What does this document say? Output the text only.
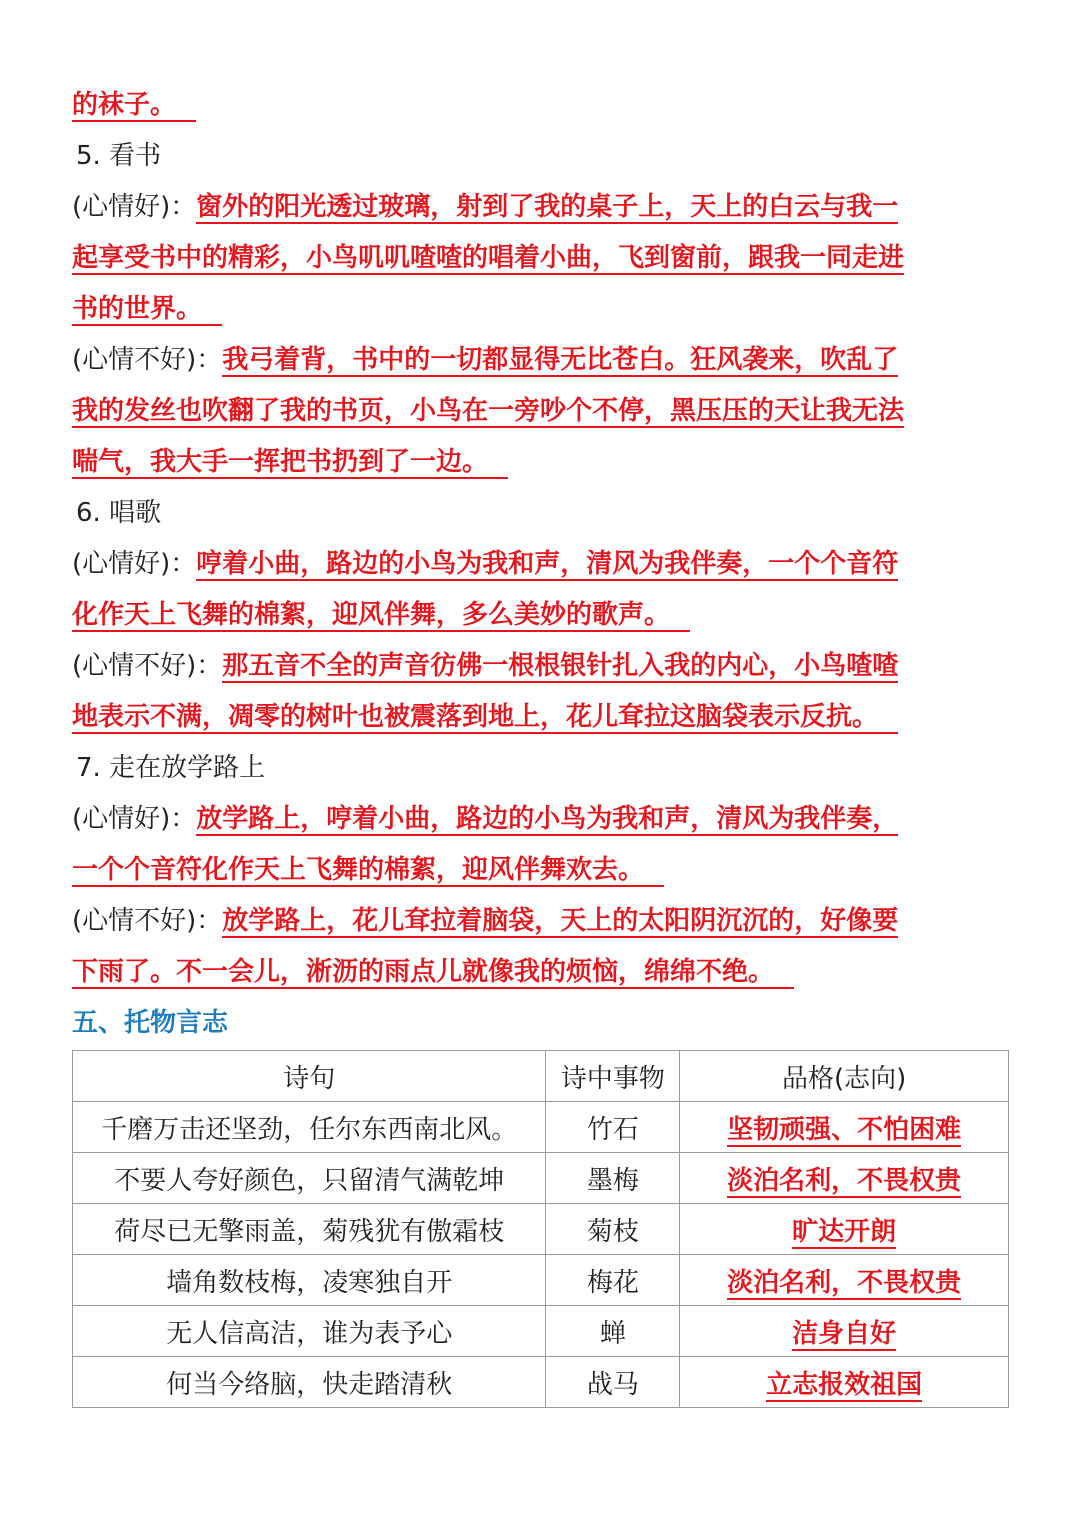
的袜子。
5. 看书
(心情好)：窗外的阳光透过玻璃，射到了我的桌子上，天上的白云与我一
起享受书中的精彩，小鸟叽叽喳喳的唱着小曲，飞到窗前，跟我一同走进
书的世界。
(心情不好)：我弓着背，书中的一切都显得无比苍白。狂风袭来，吹乱了
我的发丝也吹翻了我的书页，小鸟在一旁吵个不停，黑压压的天让我无法
喘气，我大手一挥把书扔到了一边。
6. 唱歌
(心情好)：哼着小曲，路边的小鸟为我和声，清风为我伴奏，一个个音符
化作天上飞舞的棉絮，迎风伴舞，多么美妙的歌声。
(心情不好)：那五音不全的声音彷佛一根根银针扎入我的内心，小鸟喳喳
地表示不满，凋零的树叶也被震落到地上，花儿耷拉这脑袋表示反抗。
7. 走在放学路上
(心情好)：放学路上，哼着小曲，路边的小鸟为我和声，清风为我伴奏，
一个个音符化作天上飞舞的棉絮，迎风伴舞欢去。
(心情不好)：放学路上，花儿耷拉着脑袋，天上的太阳阴沉沉的，好像要
下雨了。不一会儿，淅沥的雨点儿就像我的烦恼，绵绵不绝。
五、托物言志
诗句	诗中事物	品格(志向)
千磨万击还坚劲，任尔东西南北风。	竹石	坚韧顽强、不怕困难
不要人夸好颜色，只留清气满乾坤	墨梅	淡泊名利，不畏权贵
荷尽已无擎雨盖，菊残犹有傲霜枝	菊枝	旷达开朗
墙角数枝梅，凌寒独自开	梅花	淡泊名利，不畏权贵
无人信高洁，谁为表予心	蝉	洁身自好
何当今络脑，快走踏清秋	战马	立志报效祖国
